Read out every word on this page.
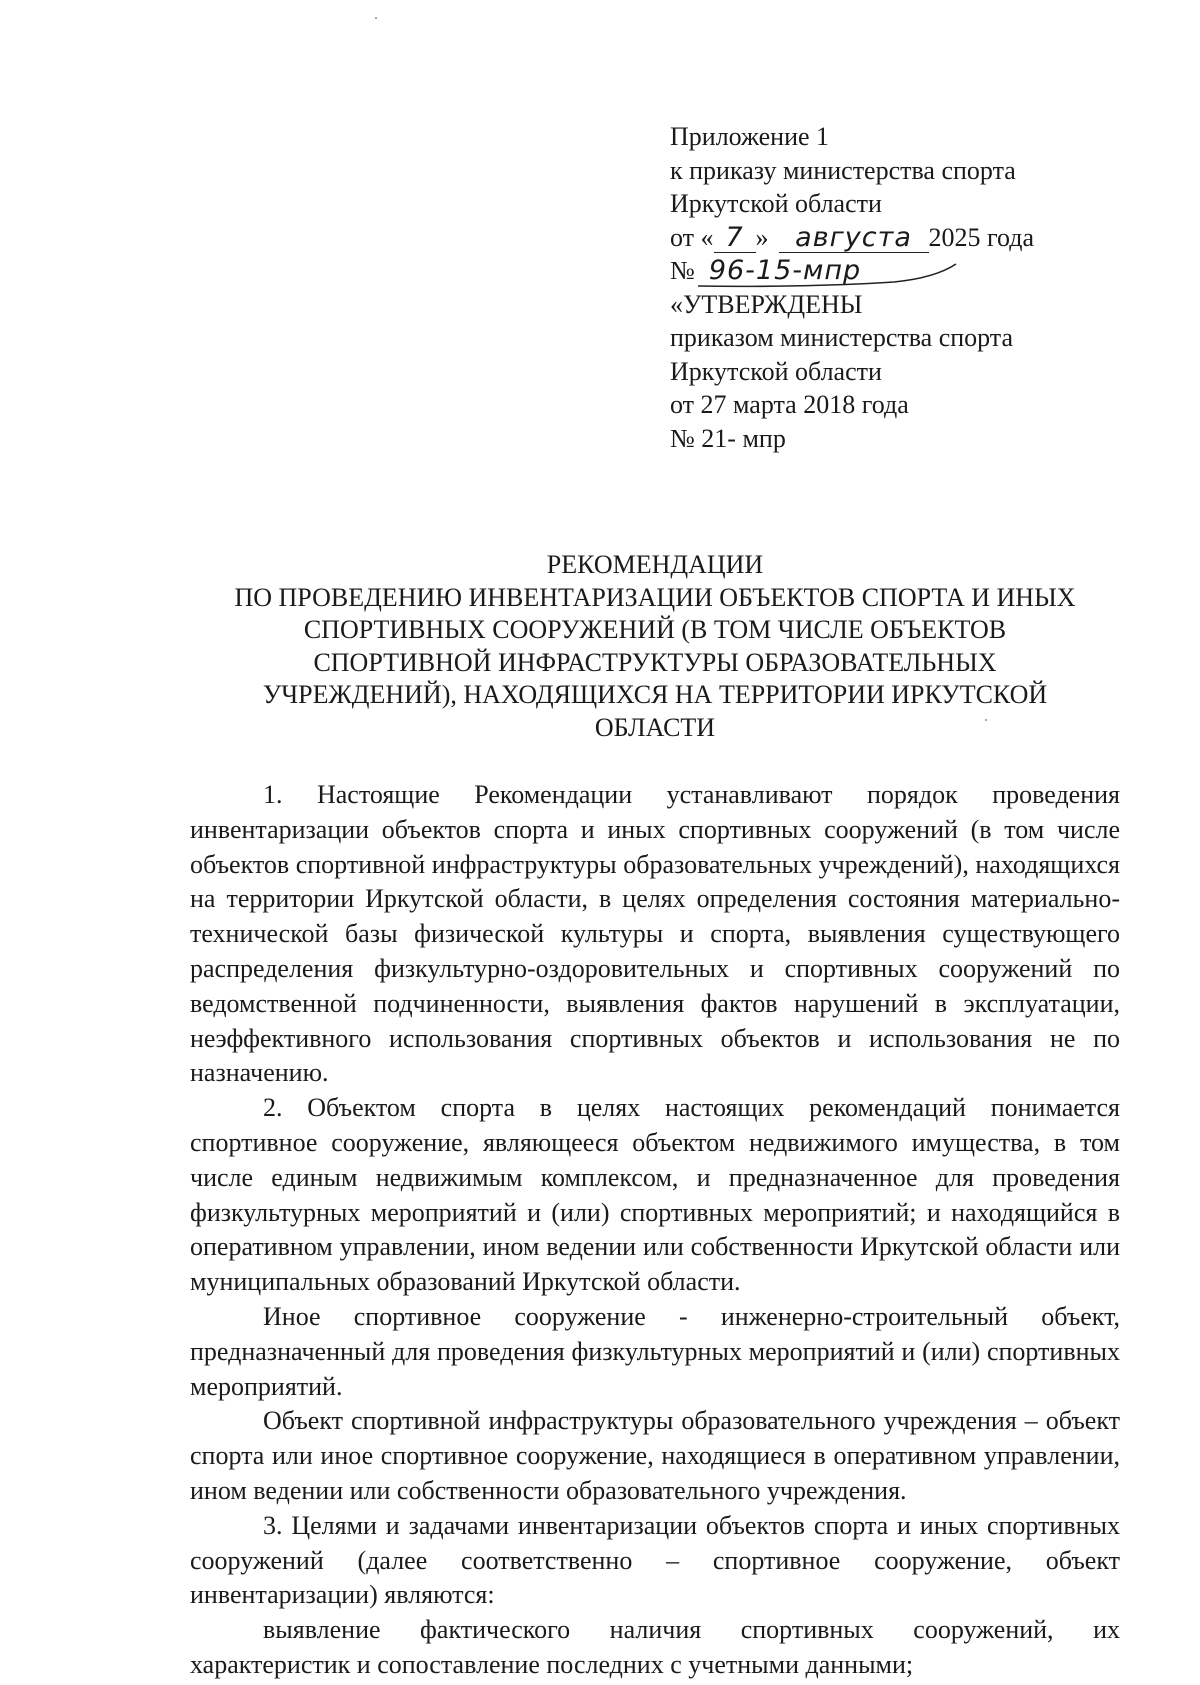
Приложение 1
к приказу министерства спорта
Иркутской области
от « 7 » августа 2025 года
№ 96-15-мпр
«УТВЕРЖДЕНЫ
приказом министерства спорта
Иркутской области
от 27 марта 2018 года
№ 21- мпр
РЕКОМЕНДАЦИИ
ПО ПРОВЕДЕНИЮ ИНВЕНТАРИЗАЦИИ ОБЪЕКТОВ СПОРТА И ИНЫХ
СПОРТИВНЫХ СООРУЖЕНИЙ (В ТОМ ЧИСЛЕ ОБЪЕКТОВ
СПОРТИВНОЙ ИНФРАСТРУКТУРЫ ОБРАЗОВАТЕЛЬНЫХ
УЧРЕЖДЕНИЙ), НАХОДЯЩИХСЯ НА ТЕРРИТОРИИ ИРКУТСКОЙ
ОБЛАСТИ
1. Настоящие Рекомендации устанавливают порядок проведения инвентаризации объектов спорта и иных спортивных сооружений (в том числе объектов спортивной инфраструктуры образовательных учреждений), находящихся на территории Иркутской области, в целях определения состояния материально-технической базы физической культуры и спорта, выявления существующего распределения физкультурно-оздоровительных и спортивных сооружений по ведомственной подчиненности, выявления фактов нарушений в эксплуатации, неэффективного использования спортивных объектов и использования не по назначению.
2. Объектом спорта в целях настоящих рекомендаций понимается спортивное сооружение, являющееся объектом недвижимого имущества, в том числе единым недвижимым комплексом, и предназначенное для проведения физкультурных мероприятий и (или) спортивных мероприятий; и находящийся в оперативном управлении, ином ведении или собственности Иркутской области или муниципальных образований Иркутской области.
Иное спортивное сооружение - инженерно-строительный объект, предназначенный для проведения физкультурных мероприятий и (или) спортивных мероприятий.
Объект спортивной инфраструктуры образовательного учреждения – объект спорта или иное спортивное сооружение, находящиеся в оперативном управлении, ином ведении или собственности образовательного учреждения.
3. Целями и задачами инвентаризации объектов спорта и иных спортивных сооружений (далее соответственно – спортивное сооружение, объект инвентаризации) являются:
выявление фактического наличия спортивных сооружений, их характеристик и сопоставление последних с учетными данными;
